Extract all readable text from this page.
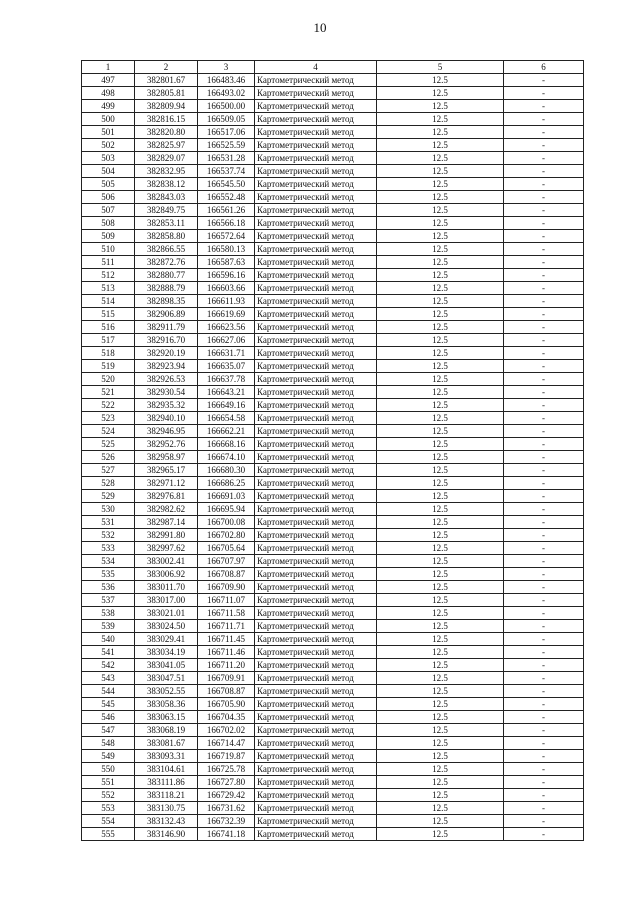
10
1	2	3	4	5	6
497	382801.67	166483.46	Картометрический метод	12.5	-
498	382805.81	166493.02	Картометрический метод	12.5	-
499	382809.94	166500.00	Картометрический метод	12.5	-
500	382816.15	166509.05	Картометрический метод	12.5	-
501	382820.80	166517.06	Картометрический метод	12.5	-
502	382825.97	166525.59	Картометрический метод	12.5	-
503	382829.07	166531.28	Картометрический метод	12.5	-
504	382832.95	166537.74	Картометрический метод	12.5	-
505	382838.12	166545.50	Картометрический метод	12.5	-
506	382843.03	166552.48	Картометрический метод	12.5	-
507	382849.75	166561.26	Картометрический метод	12.5	-
508	382853.11	166566.18	Картометрический метод	12.5	-
509	382858.80	166572.64	Картометрический метод	12.5	-
510	382866.55	166580.13	Картометрический метод	12.5	-
511	382872.76	166587.63	Картометрический метод	12.5	-
512	382880.77	166596.16	Картометрический метод	12.5	-
513	382888.79	166603.66	Картометрический метод	12.5	-
514	382898.35	166611.93	Картометрический метод	12.5	-
515	382906.89	166619.69	Картометрический метод	12.5	-
516	382911.79	166623.56	Картометрический метод	12.5	-
517	382916.70	166627.06	Картометрический метод	12.5	-
518	382920.19	166631.71	Картометрический метод	12.5	-
519	382923.94	166635.07	Картометрический метод	12.5	-
520	382926.53	166637.78	Картометрический метод	12.5	-
521	382930.54	166643.21	Картометрический метод	12.5	-
522	382935.32	166649.16	Картометрический метод	12.5	-
523	382940.10	166654.58	Картометрический метод	12.5	-
524	382946.95	166662.21	Картометрический метод	12.5	-
525	382952.76	166668.16	Картометрический метод	12.5	-
526	382958.97	166674.10	Картометрический метод	12.5	-
527	382965.17	166680.30	Картометрический метод	12.5	-
528	382971.12	166686.25	Картометрический метод	12.5	-
529	382976.81	166691.03	Картометрический метод	12.5	-
530	382982.62	166695.94	Картометрический метод	12.5	-
531	382987.14	166700.08	Картометрический метод	12.5	-
532	382991.80	166702.80	Картометрический метод	12.5	-
533	382997.62	166705.64	Картометрический метод	12.5	-
534	383002.41	166707.97	Картометрический метод	12.5	-
535	383006.92	166708.87	Картометрический метод	12.5	-
536	383011.70	166709.90	Картометрический метод	12.5	-
537	383017.00	166711.07	Картометрический метод	12.5	-
538	383021.01	166711.58	Картометрический метод	12.5	-
539	383024.50	166711.71	Картометрический метод	12.5	-
540	383029.41	166711.45	Картометрический метод	12.5	-
541	383034.19	166711.46	Картометрический метод	12.5	-
542	383041.05	166711.20	Картометрический метод	12.5	-
543	383047.51	166709.91	Картометрический метод	12.5	-
544	383052.55	166708.87	Картометрический метод	12.5	-
545	383058.36	166705.90	Картометрический метод	12.5	-
546	383063.15	166704.35	Картометрический метод	12.5	-
547	383068.19	166702.02	Картометрический метод	12.5	-
548	383081.67	166714.47	Картометрический метод	12.5	-
549	383093.31	166719.87	Картометрический метод	12.5	-
550	383104.61	166725.78	Картометрический метод	12.5	-
551	383111.86	166727.80	Картометрический метод	12.5	-
552	383118.21	166729.42	Картометрический метод	12.5	-
553	383130.75	166731.62	Картометрический метод	12.5	-
554	383132.43	166732.39	Картометрический метод	12.5	-
555	383146.90	166741.18	Картометрический метод	12.5	-
